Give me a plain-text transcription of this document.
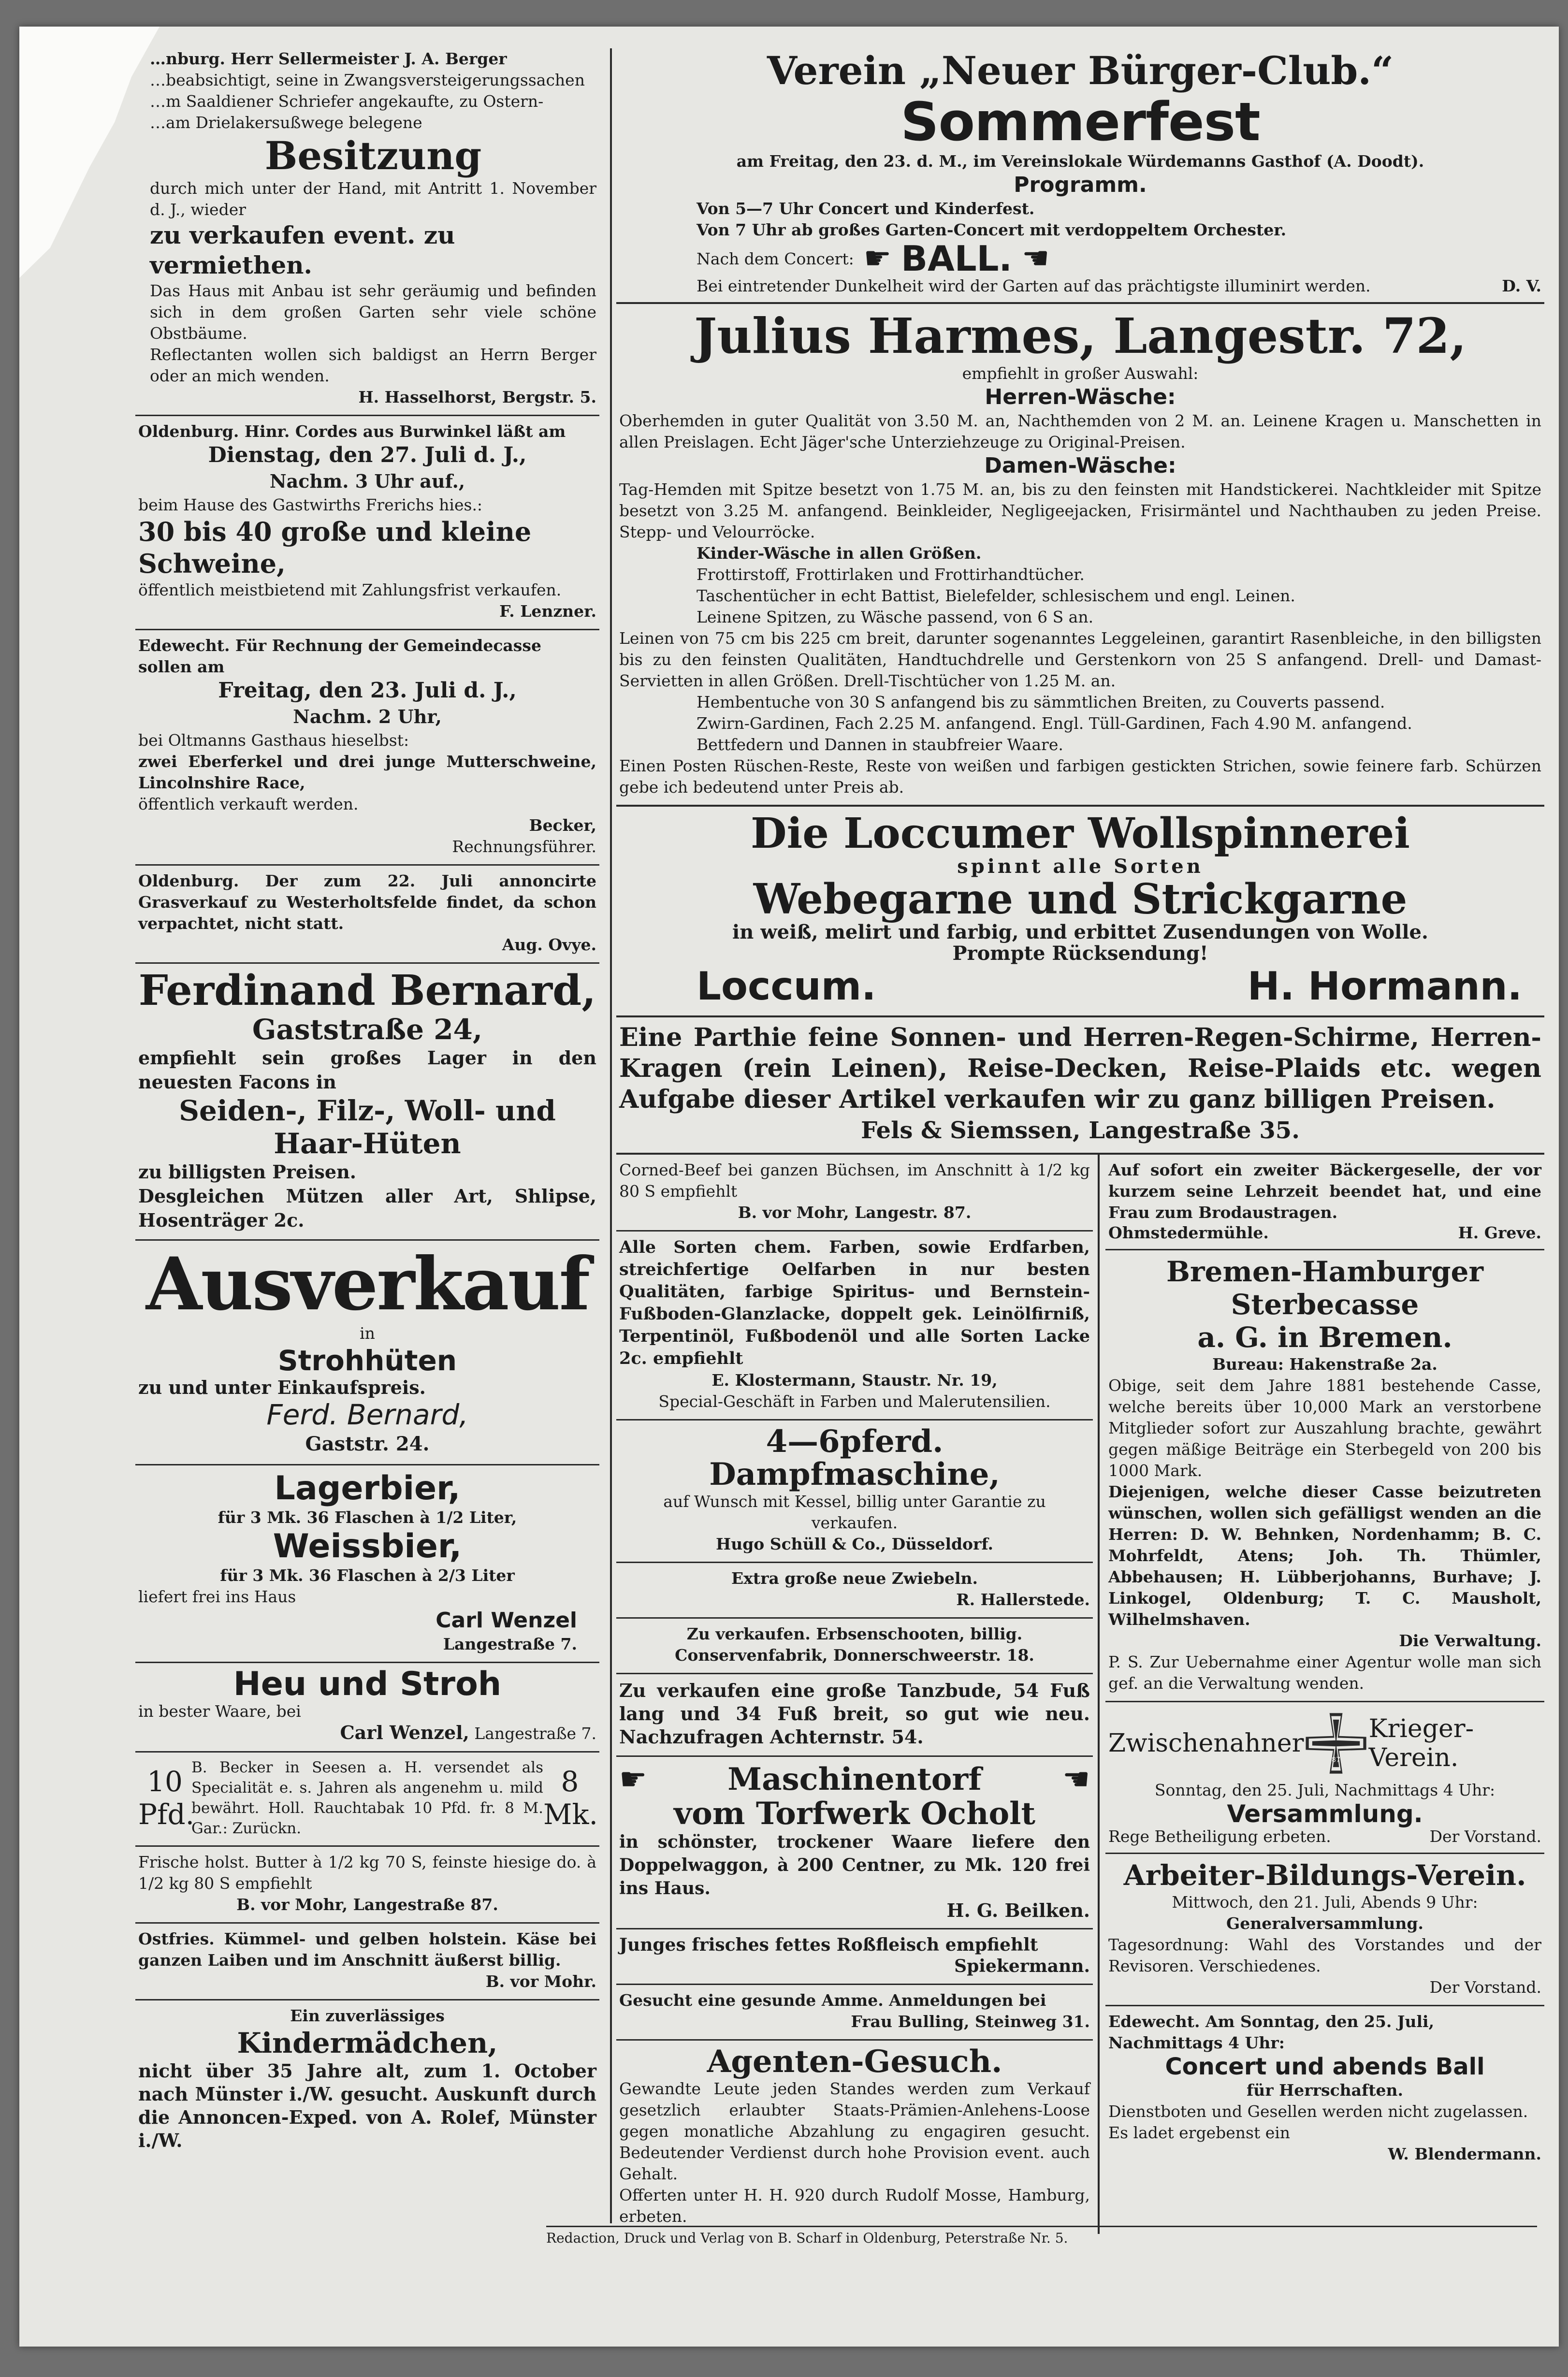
…nburg. Herr Sellermeister J. A. Berger

…beabsichtigt, seine in Zwangsversteigerungssachen

…m Saaldiener Schriefer angekaufte, zu Ostern-

…am Drielakersußwege belegene

Besitzung

durch mich unter der Hand, mit Antritt 1. November d. J., wieder

zu verkaufen event. zu vermiethen.

Das Haus mit Anbau ist sehr geräumig und befinden sich in dem großen Garten sehr viele schöne Obstbäume.

Reflectanten wollen sich baldigst an Herrn Berger oder an mich wenden.

H. Hasselhorst, Bergstr. 5.

Oldenburg. Hinr. Cordes aus Burwinkel läßt am

Dienstag, den 27. Juli d. J.,

Nachm. 3 Uhr auf.,

beim Hause des Gastwirths Frerichs hies.:

30 bis 40 große und kleine Schweine,

öffentlich meistbietend mit Zahlungsfrist verkaufen.

F. Lenzner.

Edewecht. Für Rechnung der Gemeindecasse sollen am

Freitag, den 23. Juli d. J.,

Nachm. 2 Uhr,

bei Oltmanns Gasthaus hieselbst:

zwei Eberferkel und drei junge Mutterschweine, Lincolnshire Race,

öffentlich verkauft werden.

Becker,

Rechnungsführer.

Oldenburg. Der zum 22. Juli annoncirte Grasverkauf zu Westerholtsfelde findet, da schon verpachtet, nicht statt.

Aug. Ovye.

Ferdinand Bernard,
Gaststraße 24,

empfiehlt sein großes Lager in den neuesten Facons in

Seiden-, Filz-, Woll- und
Haar-Hüten

zu billigsten Preisen.

Desgleichen Mützen aller Art, Shlipse, Hosenträger 2c.

Ausverkauf

in

Strohhüten

zu und unter Einkaufspreis.

Ferd. Bernard,

Gaststr. 24.

Lagerbier,

für 3 Mk. 36 Flaschen à 1/2 Liter,

Weissbier,

für 3 Mk. 36 Flaschen à 2/3 Liter

liefert frei ins Haus

Carl Wenzel

Langestraße 7.

Heu und Stroh

in bester Waare, bei

Carl Wenzel, Langestraße 7.

10
Pfd.

B. Becker in Seesen a. H. versendet als Specialität e. s. Jahren als angenehm u. mild bewährt. Holl. Rauchtabak 10 Pfd. fr. 8 M. Gar.: Zurückn.

8
Mk.

Frische holst. Butter à 1/2 kg 70 S, feinste hiesige do. à 1/2 kg 80 S empfiehlt

B. vor Mohr, Langestraße 87.

Ostfries. Kümmel- und gelben holstein. Käse bei ganzen Laiben und im Anschnitt äußerst billig.

B. vor Mohr.

Ein zuverlässiges

Kindermädchen,

nicht über 35 Jahre alt, zum 1. October nach Münster i./W. gesucht. Auskunft durch die Annoncen-Exped. von A. Rolef, Münster i./W.

Verein „Neuer Bürger-Club.“
Sommerfest

am Freitag, den 23. d. M., im Vereinslokale Würdemanns Gasthof (A. Doodt).

Programm.

Von 5—7 Uhr Concert und Kinderfest.

Von 7 Uhr ab großes Garten-Concert mit verdoppeltem Orchester.

Nach dem Concert: ☛ BALL. ☛
Bei eintretender Dunkelheit wird der Garten auf das prächtigste illuminirt werden.	D. V.
Julius Harmes, Langestr. 72,

empfiehlt in großer Auswahl:

Herren-Wäsche:

Oberhemden in guter Qualität von 3.50 M. an, Nachthemden von 2 M. an. Leinene Kragen u. Manschetten in allen Preislagen. Echt Jäger'sche Unterziehzeuge zu Original-Preisen.

Damen-Wäsche:

Tag-Hemden mit Spitze besetzt von 1.75 M. an, bis zu den feinsten mit Handstickerei. Nachtkleider mit Spitze besetzt von 3.25 M. anfangend. Beinkleider, Negligeejacken, Frisirmäntel und Nachthauben zu jeden Preise. Stepp- und Velourröcke.

Kinder-Wäsche in allen Größen.

Frottirstoff, Frottirlaken und Frottirhandtücher.

Taschentücher in echt Battist, Bielefelder, schlesischem und engl. Leinen.

Leinene Spitzen, zu Wäsche passend, von 6 S an.

Leinen von 75 cm bis 225 cm breit, darunter sogenanntes Leggeleinen, garantirt Rasenbleiche, in den billigsten bis zu den feinsten Qualitäten, Handtuchdrelle und Gerstenkorn von 25 S anfangend. Drell- und Damast-Servietten in allen Größen. Drell-Tischtücher von 1.25 M. an.

Hembentuche von 30 S anfangend bis zu sämmtlichen Breiten, zu Couverts passend.

Zwirn-Gardinen, Fach 2.25 M. anfangend. Engl. Tüll-Gardinen, Fach 4.90 M. anfangend.

Bettfedern und Dannen in staubfreier Waare.

Einen Posten Rüschen-Reste, Reste von weißen und farbigen gestickten Strichen, sowie feinere farb. Schürzen gebe ich bedeutend unter Preis ab.

Die Loccumer Wollspinnerei

spinnt alle Sorten

Webegarne und Strickgarne

in weiß, melirt und farbig, und erbittet Zusendungen von Wolle.

Prompte Rücksendung!

Loccum.	H. Hormann.

Eine Parthie feine Sonnen- und Herren-Regen-Schirme, Herren-Kragen (rein Leinen), Reise-Decken, Reise-Plaids etc. wegen Aufgabe dieser Artikel verkaufen wir zu ganz billigen Preisen.

Fels & Siemssen, Langestraße 35.

Corned-Beef bei ganzen Büchsen, im Anschnitt à 1/2 kg 80 S empfiehlt

B. vor Mohr, Langestr. 87.

Alle Sorten chem. Farben, sowie Erdfarben, streichfertige Oelfarben in nur besten Qualitäten, farbige Spiritus- und Bernstein-Fußboden-Glanzlacke, doppelt gek. Leinölfirniß, Terpentinöl, Fußbodenöl und alle Sorten Lacke 2c. empfiehlt

E. Klostermann, Staustr. Nr. 19,

Special-Geschäft in Farben und Malerutensilien.

4—6pferd. Dampfmaschine,

auf Wunsch mit Kessel, billig unter Garantie zu verkaufen.

Hugo Schüll & Co., Düsseldorf.

Extra große neue Zwiebeln.

R. Hallerstede.

Zu verkaufen. Erbsenschooten, billig. Conservenfabrik, Donnerschweerstr. 18.

Zu verkaufen eine große Tanzbude, 54 Fuß lang und 34 Fuß breit, so gut wie neu. Nachzufragen Achternstr. 54.

☛	Maschinentorf	☛
vom Torfwerk Ocholt

in schönster, trockener Waare liefere den Doppelwaggon, à 200 Centner, zu Mk. 120 frei ins Haus.

H. G. Beilken.

Junges frisches fettes Roßfleisch empfiehlt

Spiekermann.

Gesucht eine gesunde Amme. Anmeldungen bei

Frau Bulling, Steinweg 31.

Agenten-Gesuch.

Gewandte Leute jeden Standes werden zum Verkauf gesetzlich erlaubter Staats-Prämien-Anlehens-Loose gegen monatliche Abzahlung zu engagiren gesucht. Bedeutender Verdienst durch hohe Provision event. auch Gehalt.

Offerten unter H. H. 920 durch Rudolf Mosse, Hamburg, erbeten.

Auf sofort ein zweiter Bäckergeselle, der vor kurzem seine Lehrzeit beendet hat, und eine Frau zum Brodaustragen.

Ohmstedermühle.	H. Greve.
Bremen-Hamburger Sterbecasse
a. G. in Bremen.

Bureau: Hakenstraße 2a.

Obige, seit dem Jahre 1881 bestehende Casse, welche bereits über 10,000 Mark an verstorbene Mitglieder sofort zur Auszahlung brachte, gewährt gegen mäßige Beiträge ein Sterbegeld von 200 bis 1000 Mark.

Diejenigen, welche dieser Casse beizutreten wünschen, wollen sich gefälligst wenden an die Herren: D. W. Behnken, Nordenhamm; B. C. Mohrfeldt, Atens; Joh. Th. Thümler, Abbehausen; H. Lübberjohanns, Burhave; J. Linkogel, Oldenburg; T. C. Mausholt, Wilhelmshaven.

Die Verwaltung.

P. S. Zur Uebernahme einer Agentur wolle man sich gef. an die Verwaltung wenden.

Zwischenahner
1870
Krieger-Verein.

Sonntag, den 25. Juli, Nachmittags 4 Uhr:

Versammlung.
Rege Betheiligung erbeten.	Der Vorstand.
Arbeiter-Bildungs-Verein.

Mittwoch, den 21. Juli, Abends 9 Uhr:

Generalversammlung.

Tagesordnung: Wahl des Vorstandes und der Revisoren. Verschiedenes.

Der Vorstand.

Edewecht. Am Sonntag, den 25. Juli, Nachmittags 4 Uhr:

Concert und abends Ball

für Herrschaften.

Dienstboten und Gesellen werden nicht zugelassen. Es ladet ergebenst ein

W. Blendermann.

Redaction, Druck und Verlag von B. Scharf in Oldenburg, Peterstraße Nr. 5.
